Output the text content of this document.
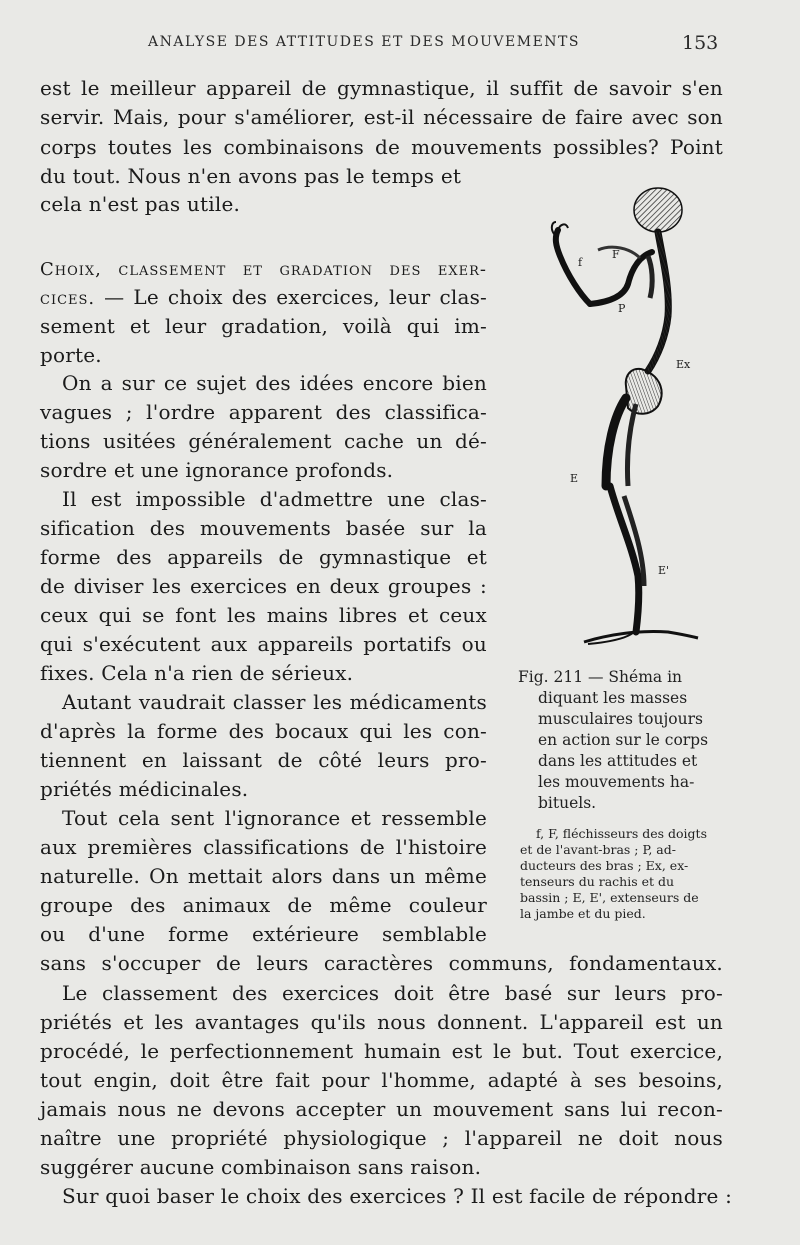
ANALYSE DES ATTITUDES ET DES MOUVEMENTS	153
est le meilleur appareil de gymnastique, il suffit de savoir s'en
servir. Mais, pour s'améliorer, est-il nécessaire de faire avec son
corps toutes les combinaisons de mouvements possibles? Point
du tout. Nous n'en avons pas le temps et
cela n'est pas utile.
Choix, classement et gradation des exer-
cices. — Le choix des exercices, leur clas-
sement et leur gradation, voilà qui im-
porte.
On a sur ce sujet des idées encore bien
vagues ; l'ordre apparent des classifica-
tions usitées généralement cache un dé-
sordre et une ignorance profonds.
Il est impossible d'admettre une clas-
sification des mouvements basée sur la
forme des appareils de gymnastique et
de diviser les exercices en deux groupes :
ceux qui se font les mains libres et ceux
qui s'exécutent aux appareils portatifs ou
fixes. Cela n'a rien de sérieux.
Autant vaudrait classer les médicaments
d'après la forme des bocaux qui les con-
tiennent en laissant de côté leurs pro-
priétés médicinales.
Tout cela sent l'ignorance et ressemble
aux premières classifications de l'histoire
naturelle. On mettait alors dans un même
groupe des animaux de même couleur
ou d'une forme extérieure semblable
sans s'occuper de leurs caractères communs, fondamentaux.
Le classement des exercices doit être basé sur leurs pro-
priétés et les avantages qu'ils nous donnent. L'appareil est un
procédé, le perfectionnement humain est le but. Tout exercice,
tout engin, doit être fait pour l'homme, adapté à ses besoins,
jamais nous ne devons accepter un mouvement sans lui recon-
naître une propriété physiologique ; l'appareil ne doit nous
suggérer aucune combinaison sans raison.
Sur quoi baser le choix des exercices ? Il est facile de répondre :
f
F
P
Ex
E
E'
Fig. 211 — Shéma in
diquant les masses
musculaires toujours
en action sur le corps
dans les attitudes et
les mouvements ha-
bituels.
f, F, fléchisseurs des doigts
et de l'avant-bras ; P, ad-
ducteurs des bras ; Ex, ex-
tenseurs du rachis et du
bassin ; E, E', extenseurs de
la jambe et du pied.
